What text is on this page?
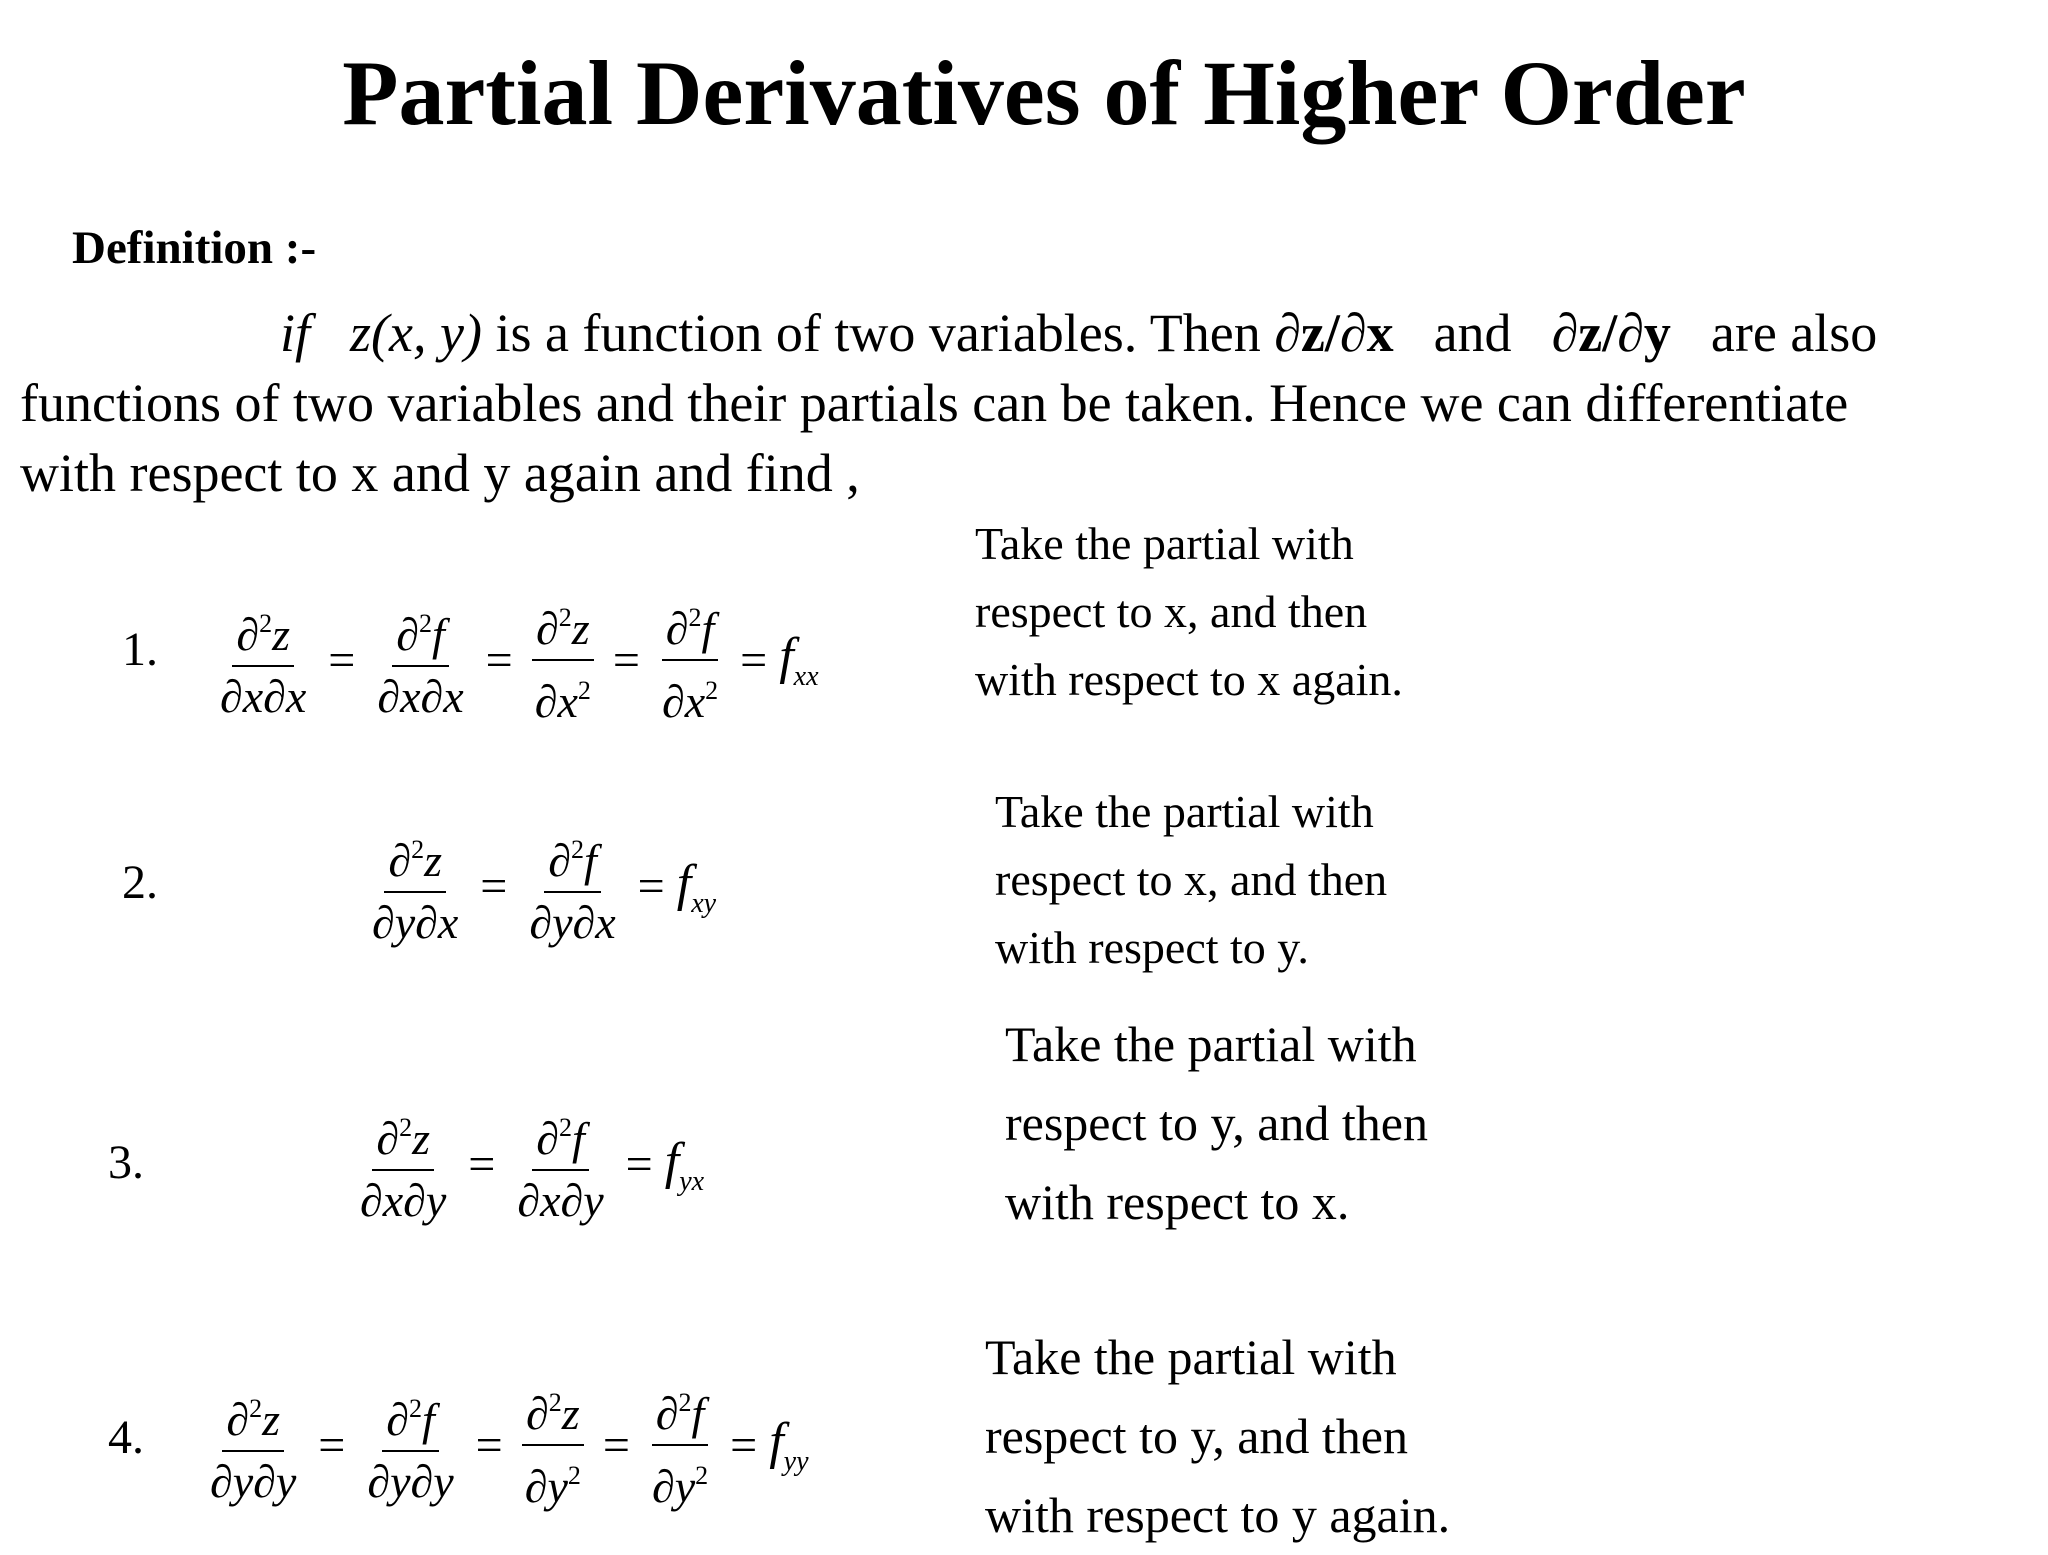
Partial Derivatives of Higher Order
Definition :-
if z(x, y) is a function of two variables. Then ∂z/∂x and ∂z/∂y are also
functions of two variables and their partials can be taken. Hence we can differentiate
with respect to x and y again and find ,
1. $\frac{\partial^2z}{\partial x\partial x} = \frac{\partial^2f}{\partial x\partial x} = \frac{\partial^2z}{\partial x^2} = \frac{\partial^2f}{\partial x^2} = f_{xx}$
Take the partial with
respect to x, and then
with respect to x again.
2.	$\frac{\partial^2z}{\partial y\partial x} = \frac{\partial^2f}{\partial y\partial x} = f_{xy}$
Take the partial with
respect to x, and then
with respect to y.
3.	$\frac{\partial^2z}{\partial x\partial y} = \frac{\partial^2f}{\partial x\partial y} = f_{yx}$
Take the partial with
respect to y, and then
with respect to x.
4. $\frac{\partial^2z}{\partial y\partial y} = \frac{\partial^2f}{\partial y\partial y} = \frac{\partial^2z}{\partial y^2} = \frac{\partial^2f}{\partial y^2} = f_{yy}$
Take the partial with
respect to y, and then
with respect to y again.
